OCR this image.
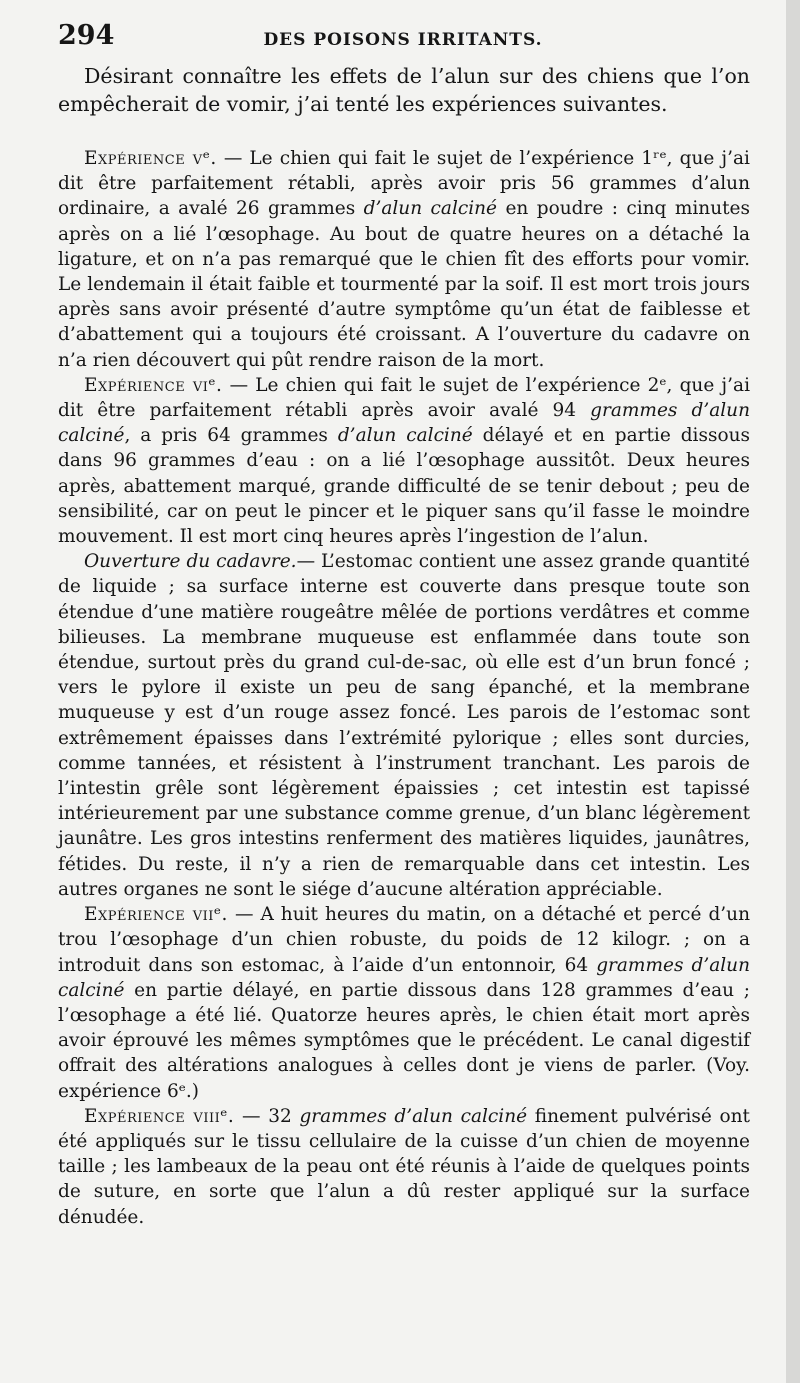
294	DES POISONS IRRITANTS.

Désirant connaître les effets de l’alun sur des chiens que l’on empêcherait de vomir, j’ai tenté les expériences suivantes.

Expérience vᵉ. — Le chien qui fait le sujet de l’expérience 1ʳᵉ, que j’ai dit être parfaitement rétabli, après avoir pris 56 grammes d’alun ordinaire, a avalé 26 grammes d’alun calciné en poudre : cinq minutes après on a lié l’œsophage. Au bout de quatre heures on a détaché la ligature, et on n’a pas remarqué que le chien fît des efforts pour vomir. Le lendemain il était faible et tourmenté par la soif. Il est mort trois jours après sans avoir présenté d’autre symptôme qu’un état de faiblesse et d’abattement qui a toujours été croissant. A l’ouverture du cadavre on n’a rien découvert qui pût rendre raison de la mort.

Expérience viᵉ. — Le chien qui fait le sujet de l’expérience 2ᵉ, que j’ai dit être parfaitement rétabli après avoir avalé 94 grammes d’alun calciné, a pris 64 grammes d’alun calciné délayé et en partie dissous dans 96 grammes d’eau : on a lié l’œsophage aussitôt. Deux heures après, abattement marqué, grande difficulté de se tenir debout ; peu de sensibilité, car on peut le pincer et le piquer sans qu’il fasse le moindre mouvement. Il est mort cinq heures après l’ingestion de l’alun.

Ouverture du cadavre.— L’estomac contient une assez grande quantité de liquide ; sa surface interne est couverte dans presque toute son étendue d’une matière rougeâtre mêlée de portions verdâtres et comme bilieuses. La membrane muqueuse est enflammée dans toute son étendue, surtout près du grand cul-de-sac, où elle est d’un brun foncé ; vers le pylore il existe un peu de sang épanché, et la membrane muqueuse y est d’un rouge assez foncé. Les parois de l’estomac sont extrêmement épaisses dans l’extrémité pylorique ; elles sont durcies, comme tannées, et résistent à l’instrument tranchant. Les parois de l’intestin grêle sont légèrement épaissies ; cet intestin est tapissé intérieurement par une substance comme grenue, d’un blanc légèrement jaunâtre. Les gros intestins renferment des matières liquides, jaunâtres, fétides. Du reste, il n’y a rien de remarquable dans cet intestin. Les autres organes ne sont le siége d’aucune altération appréciable.

Expérience viiᵉ. — A huit heures du matin, on a détaché et percé d’un trou l’œsophage d’un chien robuste, du poids de 12 kilogr. ; on a introduit dans son estomac, à l’aide d’un entonnoir, 64 grammes d’alun calciné en partie délayé, en partie dissous dans 128 grammes d’eau ; l’œsophage a été lié. Quatorze heures après, le chien était mort après avoir éprouvé les mêmes symptômes que le précédent. Le canal digestif offrait des altérations analogues à celles dont je viens de parler. (Voy. expérience 6ᵉ.)

Expérience viiiᵉ. — 32 grammes d’alun calciné finement pulvérisé ont été appliqués sur le tissu cellulaire de la cuisse d’un chien de moyenne taille ; les lambeaux de la peau ont été réunis à l’aide de quelques points de suture, en sorte que l’alun a dû rester appliqué sur la surface dénudée.
